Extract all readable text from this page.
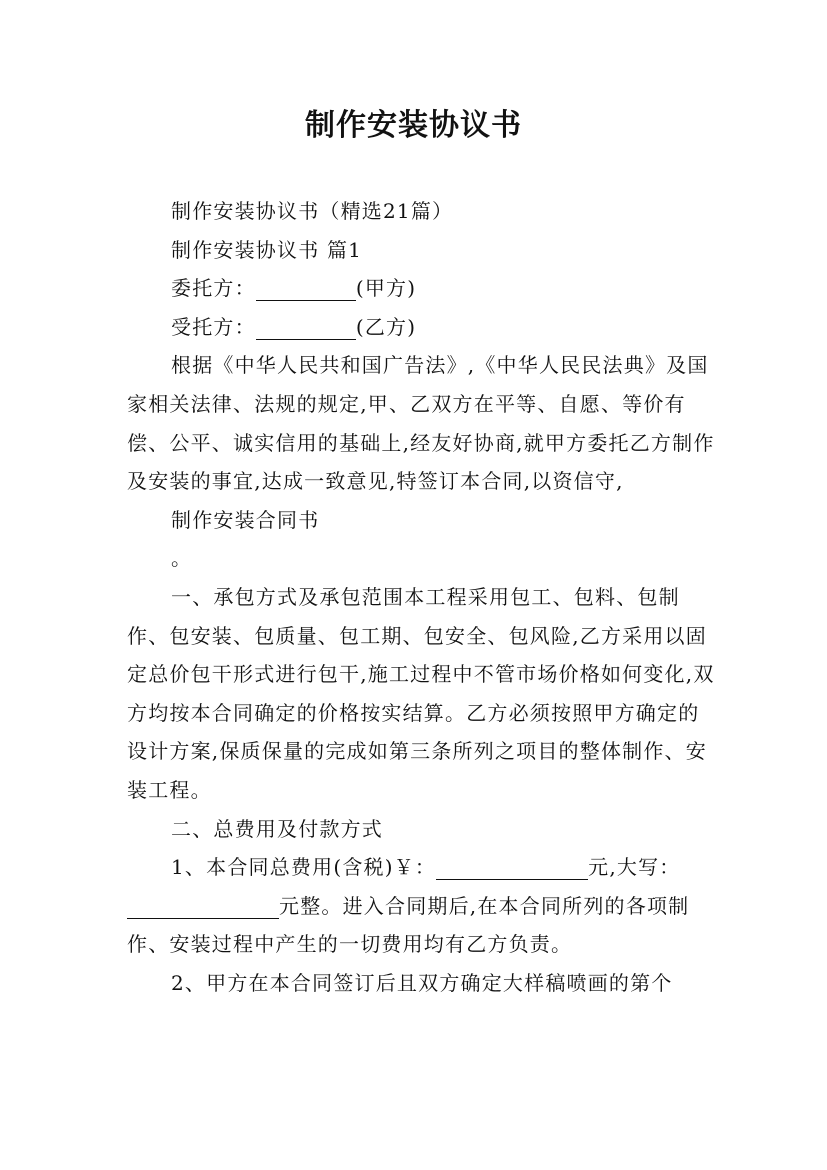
制作安装协议书

制作安装协议书（精选21篇）

制作安装协议书 篇1

委托方：	(甲方)

受托方：	(乙方)

根据《中华人民共和国广告法》,《中华人民民法典》及国家相关法律、法规的规定,甲、乙双方在平等、自愿、等价有偿、公平、诚实信用的基础上,经友好协商,就甲方委托乙方制作及安装的事宜,达成一致意见,特签订本合同,以资信守,

制作安装合同书

。

一、承包方式及承包范围本工程采用包工、包料、包制作、包安装、包质量、包工期、包安全、包风险,乙方采用以固定总价包干形式进行包干,施工过程中不管市场价格如何变化,双方均按本合同确定的价格按实结算。乙方必须按照甲方确定的设计方案,保质保量的完成如第三条所列之项目的整体制作、安装工程。

二、总费用及付款方式

1、本合同总费用(含税)￥：	元,大写：元整。进入合同期后,在本合同所列的各项制作、安装过程中产生的一切费用均有乙方负责。

2、甲方在本合同签订后且双方确定大样稿喷画的第个
